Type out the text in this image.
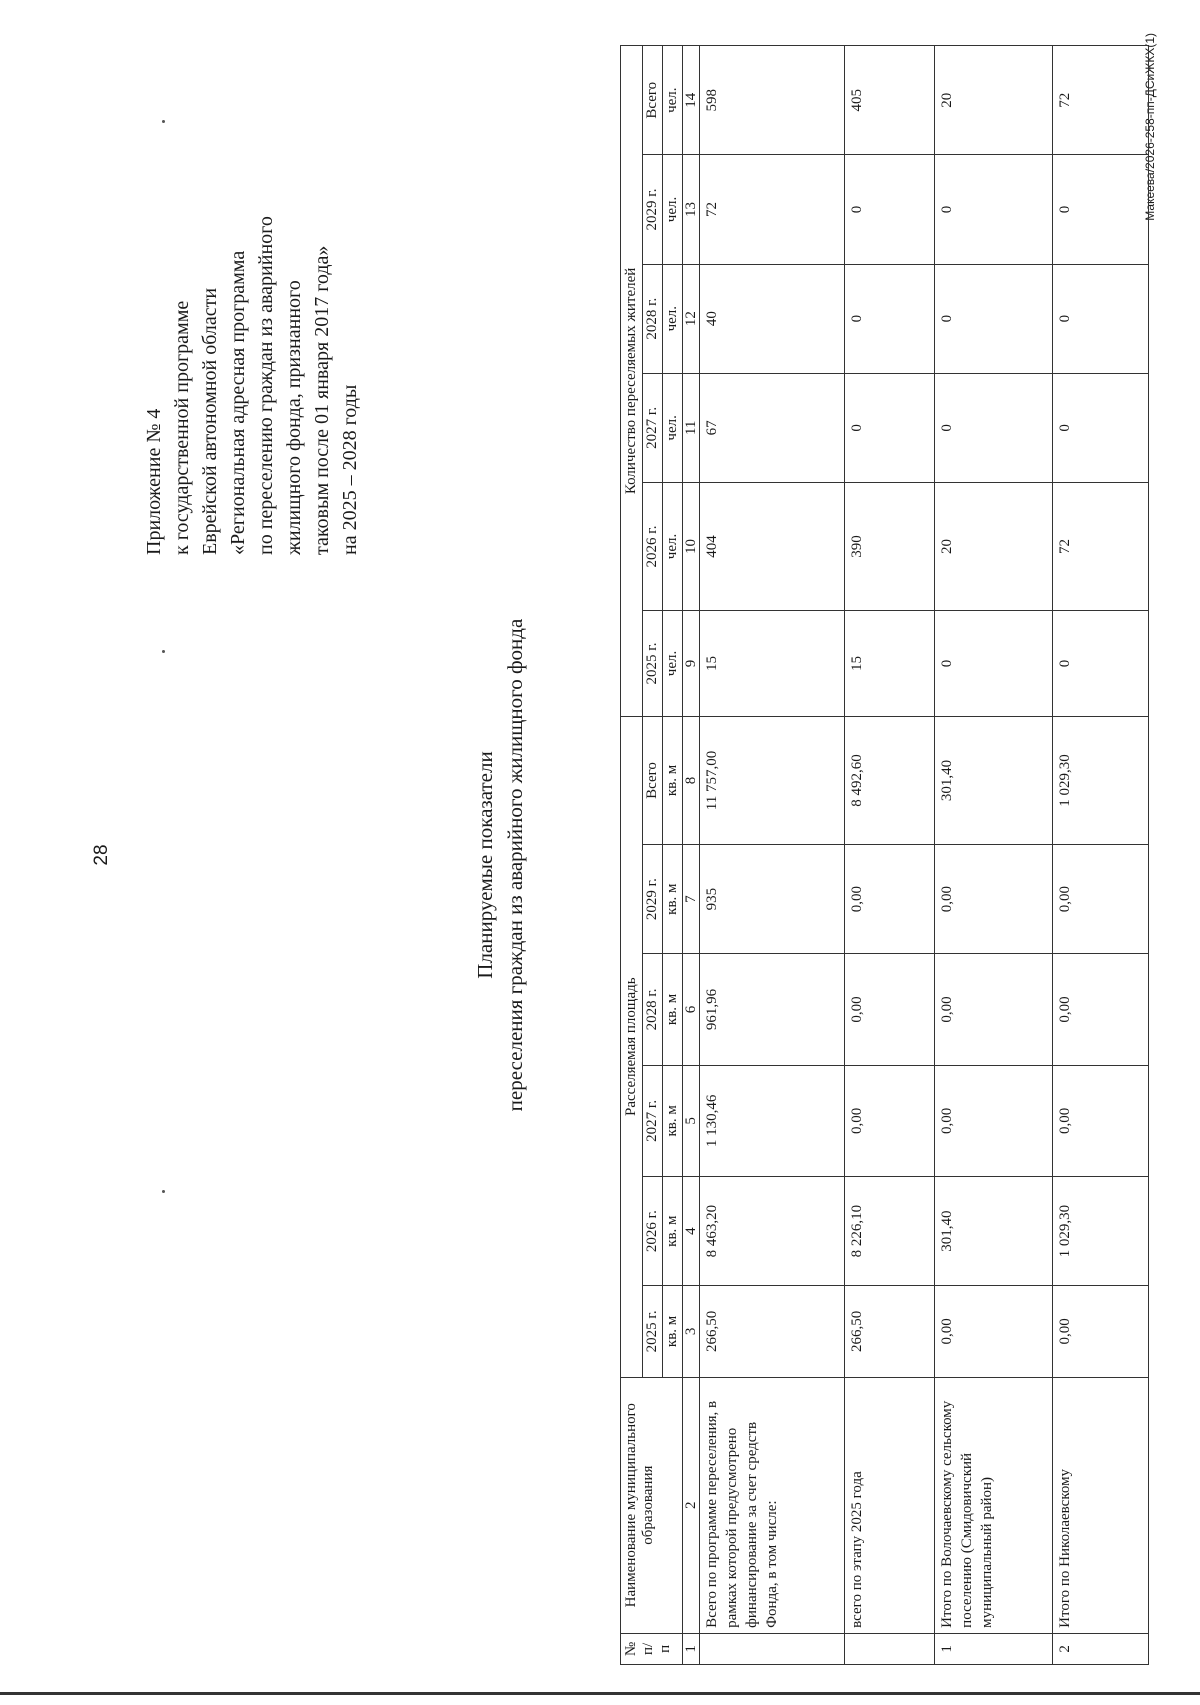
28
Макеева/2026-258-пп-ДСиЖКХ(1)
Приложение № 4 к государственной программе Еврейской автономной области «Региональная адресная программа по переселению граждан из аварийного жилищного фонда, признанного таковым после 01 января 2017 года» на 2025 – 2028 годы
Планируемые показатели переселения граждан из аварийного жилищного фонда
№ п/п	Наименование муниципального образования	Расселяемая площадь						Количество переселяемых жителей					
		2025 г.	2026 г.	2027 г.	2028 г.	2029 г.	Всего	2025 г.	2026 г.	2027 г.	2028 г.	2029 г.	Всего
		кв. м	кв. м	кв. м	кв. м	кв. м	кв. м	чел.	чел.	чел.	чел.	чел.	чел.
1	2	3	4	5	6	7	8	9	10	11	12	13	14
	Всего по программе переселения, в рамках которой предусмотрено финансирование за счет средств Фонда, в том числе:	266,50	8 463,20	1 130,46	961,96	935	11 757,00	15	404	67	40	72	598
	всего по этапу 2025 года	266,50	8 226,10	0,00	0,00	0,00	8 492,60	15	390	0	0	0	405
1	Итого по Волочаевскому сельскому поселению (Смидовичский муниципальный район)	0,00	301,40	0,00	0,00	0,00	301,40	0	20	0	0	0	20
2	Итого по Николаевскому	0,00	1 029,30	0,00	0,00	0,00	1 029,30	0	72	0	0	0	72
